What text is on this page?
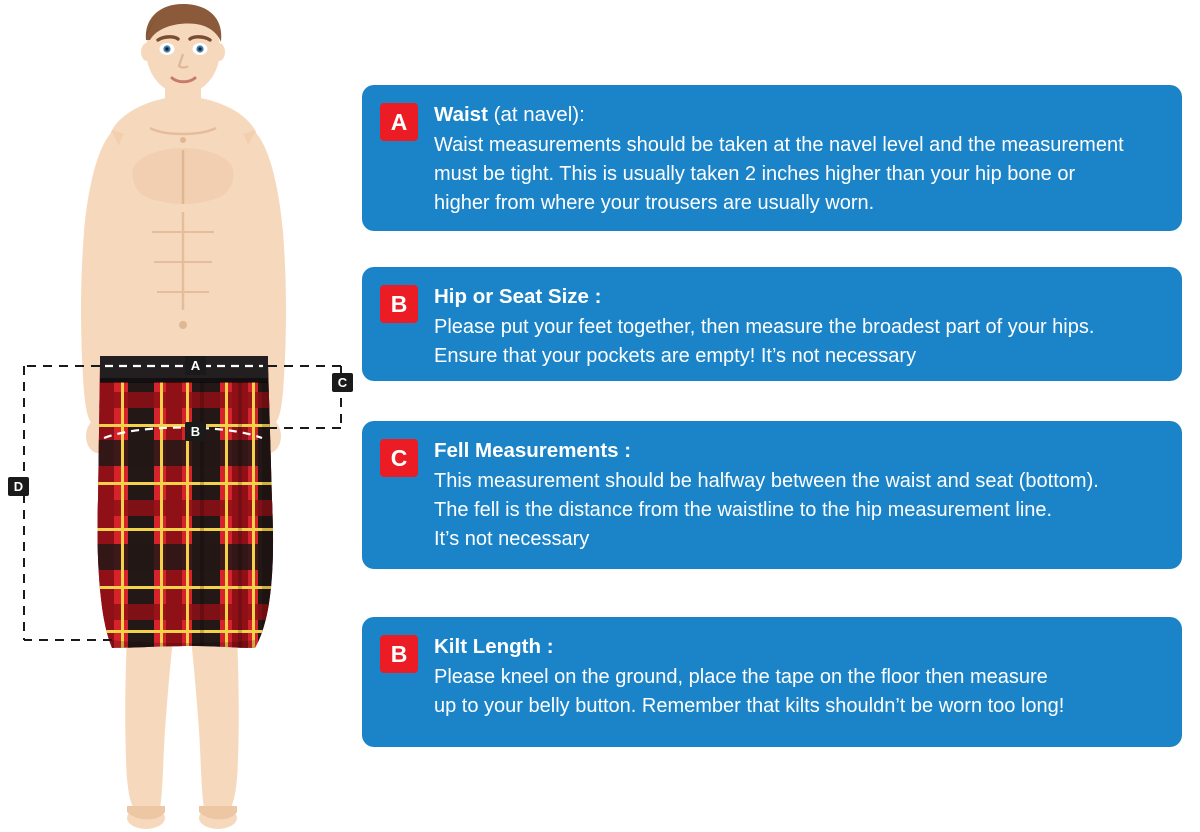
A
B
C
D
A	Waist (at navel):

Waist measurements should be taken at the navel level and the measurement

must be tight. This is usually taken 2 inches higher than your hip bone or

higher from where your trousers are usually worn.

B	Hip or Seat Size :

Please put your feet together, then measure the broadest part of your hips.

Ensure that your pockets are empty! It’s not necessary

C	Fell Measurements :

This measurement should be halfway between the waist and seat (bottom).

The fell is the distance from the waistline to the hip measurement line.

It’s not necessary

B	Kilt Length :

Please kneel on the ground, place the tape on the floor then measure

up to your belly button. Remember that kilts shouldn’t be worn too long!
